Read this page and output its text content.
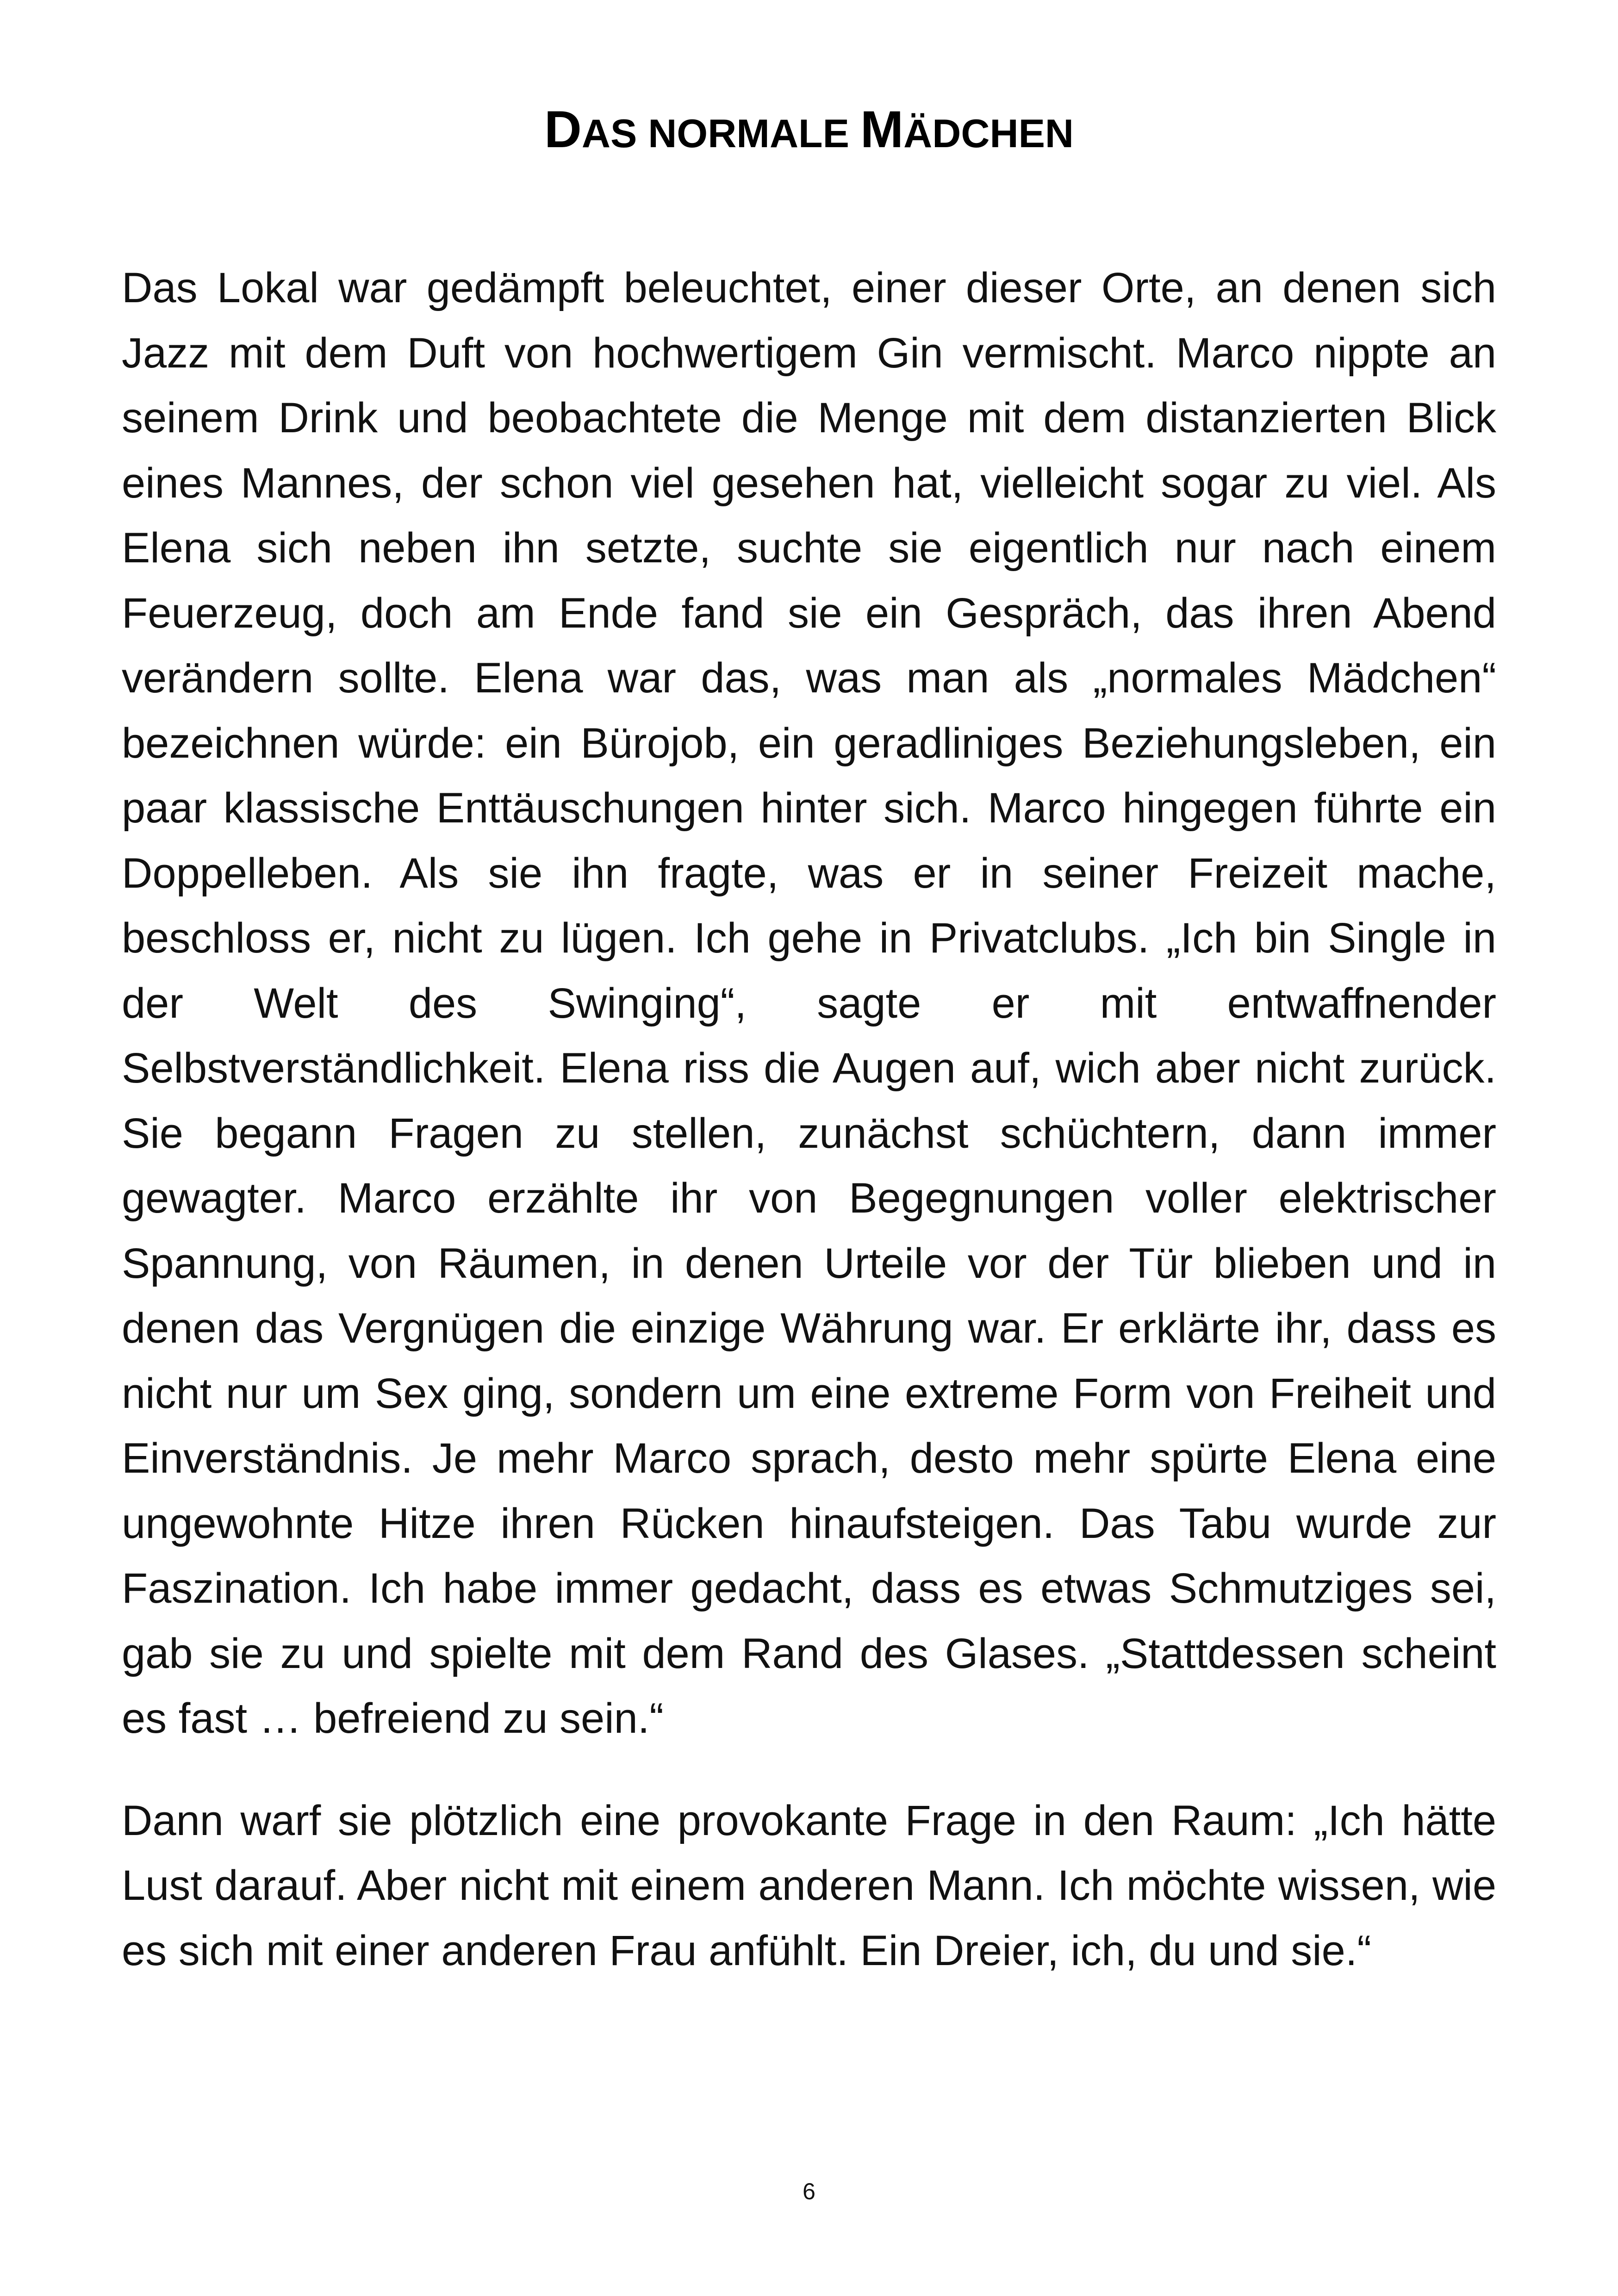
DAS NORMALE MÄDCHEN

Das Lokal war gedämpft beleuchtet, einer dieser Orte, an denen sich Jazz mit dem Duft von hochwertigem Gin vermischt. Marco nippte an seinem Drink und beobachtete die Menge mit dem distanzierten Blick eines Mannes, der schon viel gesehen hat, vielleicht sogar zu viel. Als Elena sich neben ihn setzte, suchte sie eigentlich nur nach einem Feuerzeug, doch am Ende fand sie ein Gespräch, das ihren Abend verändern sollte. Elena war das, was man als „normales Mädchen“ bezeichnen würde: ein Bürojob, ein geradliniges Beziehungsleben, ein paar klassische Enttäuschungen hinter sich. Marco hingegen führte ein Doppelleben. Als sie ihn fragte, was er in seiner Freizeit mache, beschloss er, nicht zu lügen. Ich gehe in Privatclubs. „Ich bin Single in der Welt des Swinging“, sagte er mit entwaffnender Selbstverständlichkeit. Elena riss die Augen auf, wich aber nicht zurück. Sie begann Fragen zu stellen, zunächst schüchtern, dann immer gewagter. Marco erzählte ihr von Begegnungen voller elektrischer Spannung, von Räumen, in denen Urteile vor der Tür blieben und in denen das Vergnügen die einzige Währung war. Er erklärte ihr, dass es nicht nur um Sex ging, sondern um eine extreme Form von Freiheit und Einverständnis. Je mehr Marco sprach, desto mehr spürte Elena eine ungewohnte Hitze ihren Rücken hinaufsteigen. Das Tabu wurde zur Faszination. Ich habe immer gedacht, dass es etwas Schmutziges sei, gab sie zu und spielte mit dem Rand des Glases. „Stattdessen scheint es fast … befreiend zu sein.“

Dann warf sie plötzlich eine provokante Frage in den Raum: „Ich hätte Lust darauf. Aber nicht mit einem anderen Mann. Ich möchte wissen, wie es sich mit einer anderen Frau anfühlt. Ein Dreier, ich, du und sie.“

6
